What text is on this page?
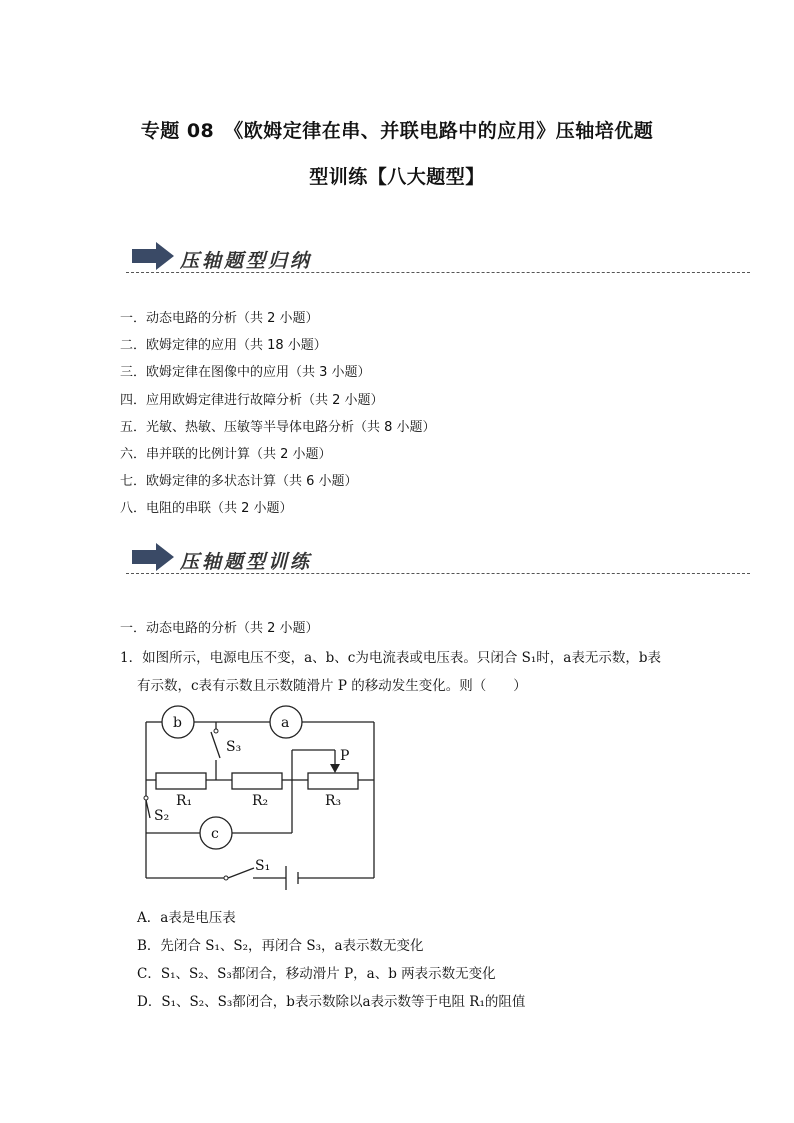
专题 08　《欧姆定律在串、并联电路中的应用》压轴培优题
型训练【八大题型】
压轴题型归纳
一．动态电路的分析（共 2 小题）
二．欧姆定律的应用（共 18 小题）
三．欧姆定律在图像中的应用（共 3 小题）
四．应用欧姆定律进行故障分析（共 2 小题）
五．光敏、热敏、压敏等半导体电路分析（共 8 小题）
六．串并联的比例计算（共 2 小题）
七．欧姆定律的多状态计算（共 6 小题）
八．电阻的串联（共 2 小题）
压轴题型训练
一．动态电路的分析（共 2 小题）
1．如图所示，电源电压不变，a、b、c为电流表或电压表。只闭合 S₁时，a表无示数，b表
有示数，c表有示数且示数随滑片 P 的移动发生变化。则（　　）
b	a
c
S₃
S₂
S₁
R₁	R₂	R₃
P
A．a表是电压表
B．先闭合 S₁、S₂，再闭合 S₃，a表示数无变化
C．S₁、S₂、S₃都闭合，移动滑片 P，a、b 两表示数无变化
D．S₁、S₂、S₃都闭合，b表示数除以a表示数等于电阻 R₁的阻值
